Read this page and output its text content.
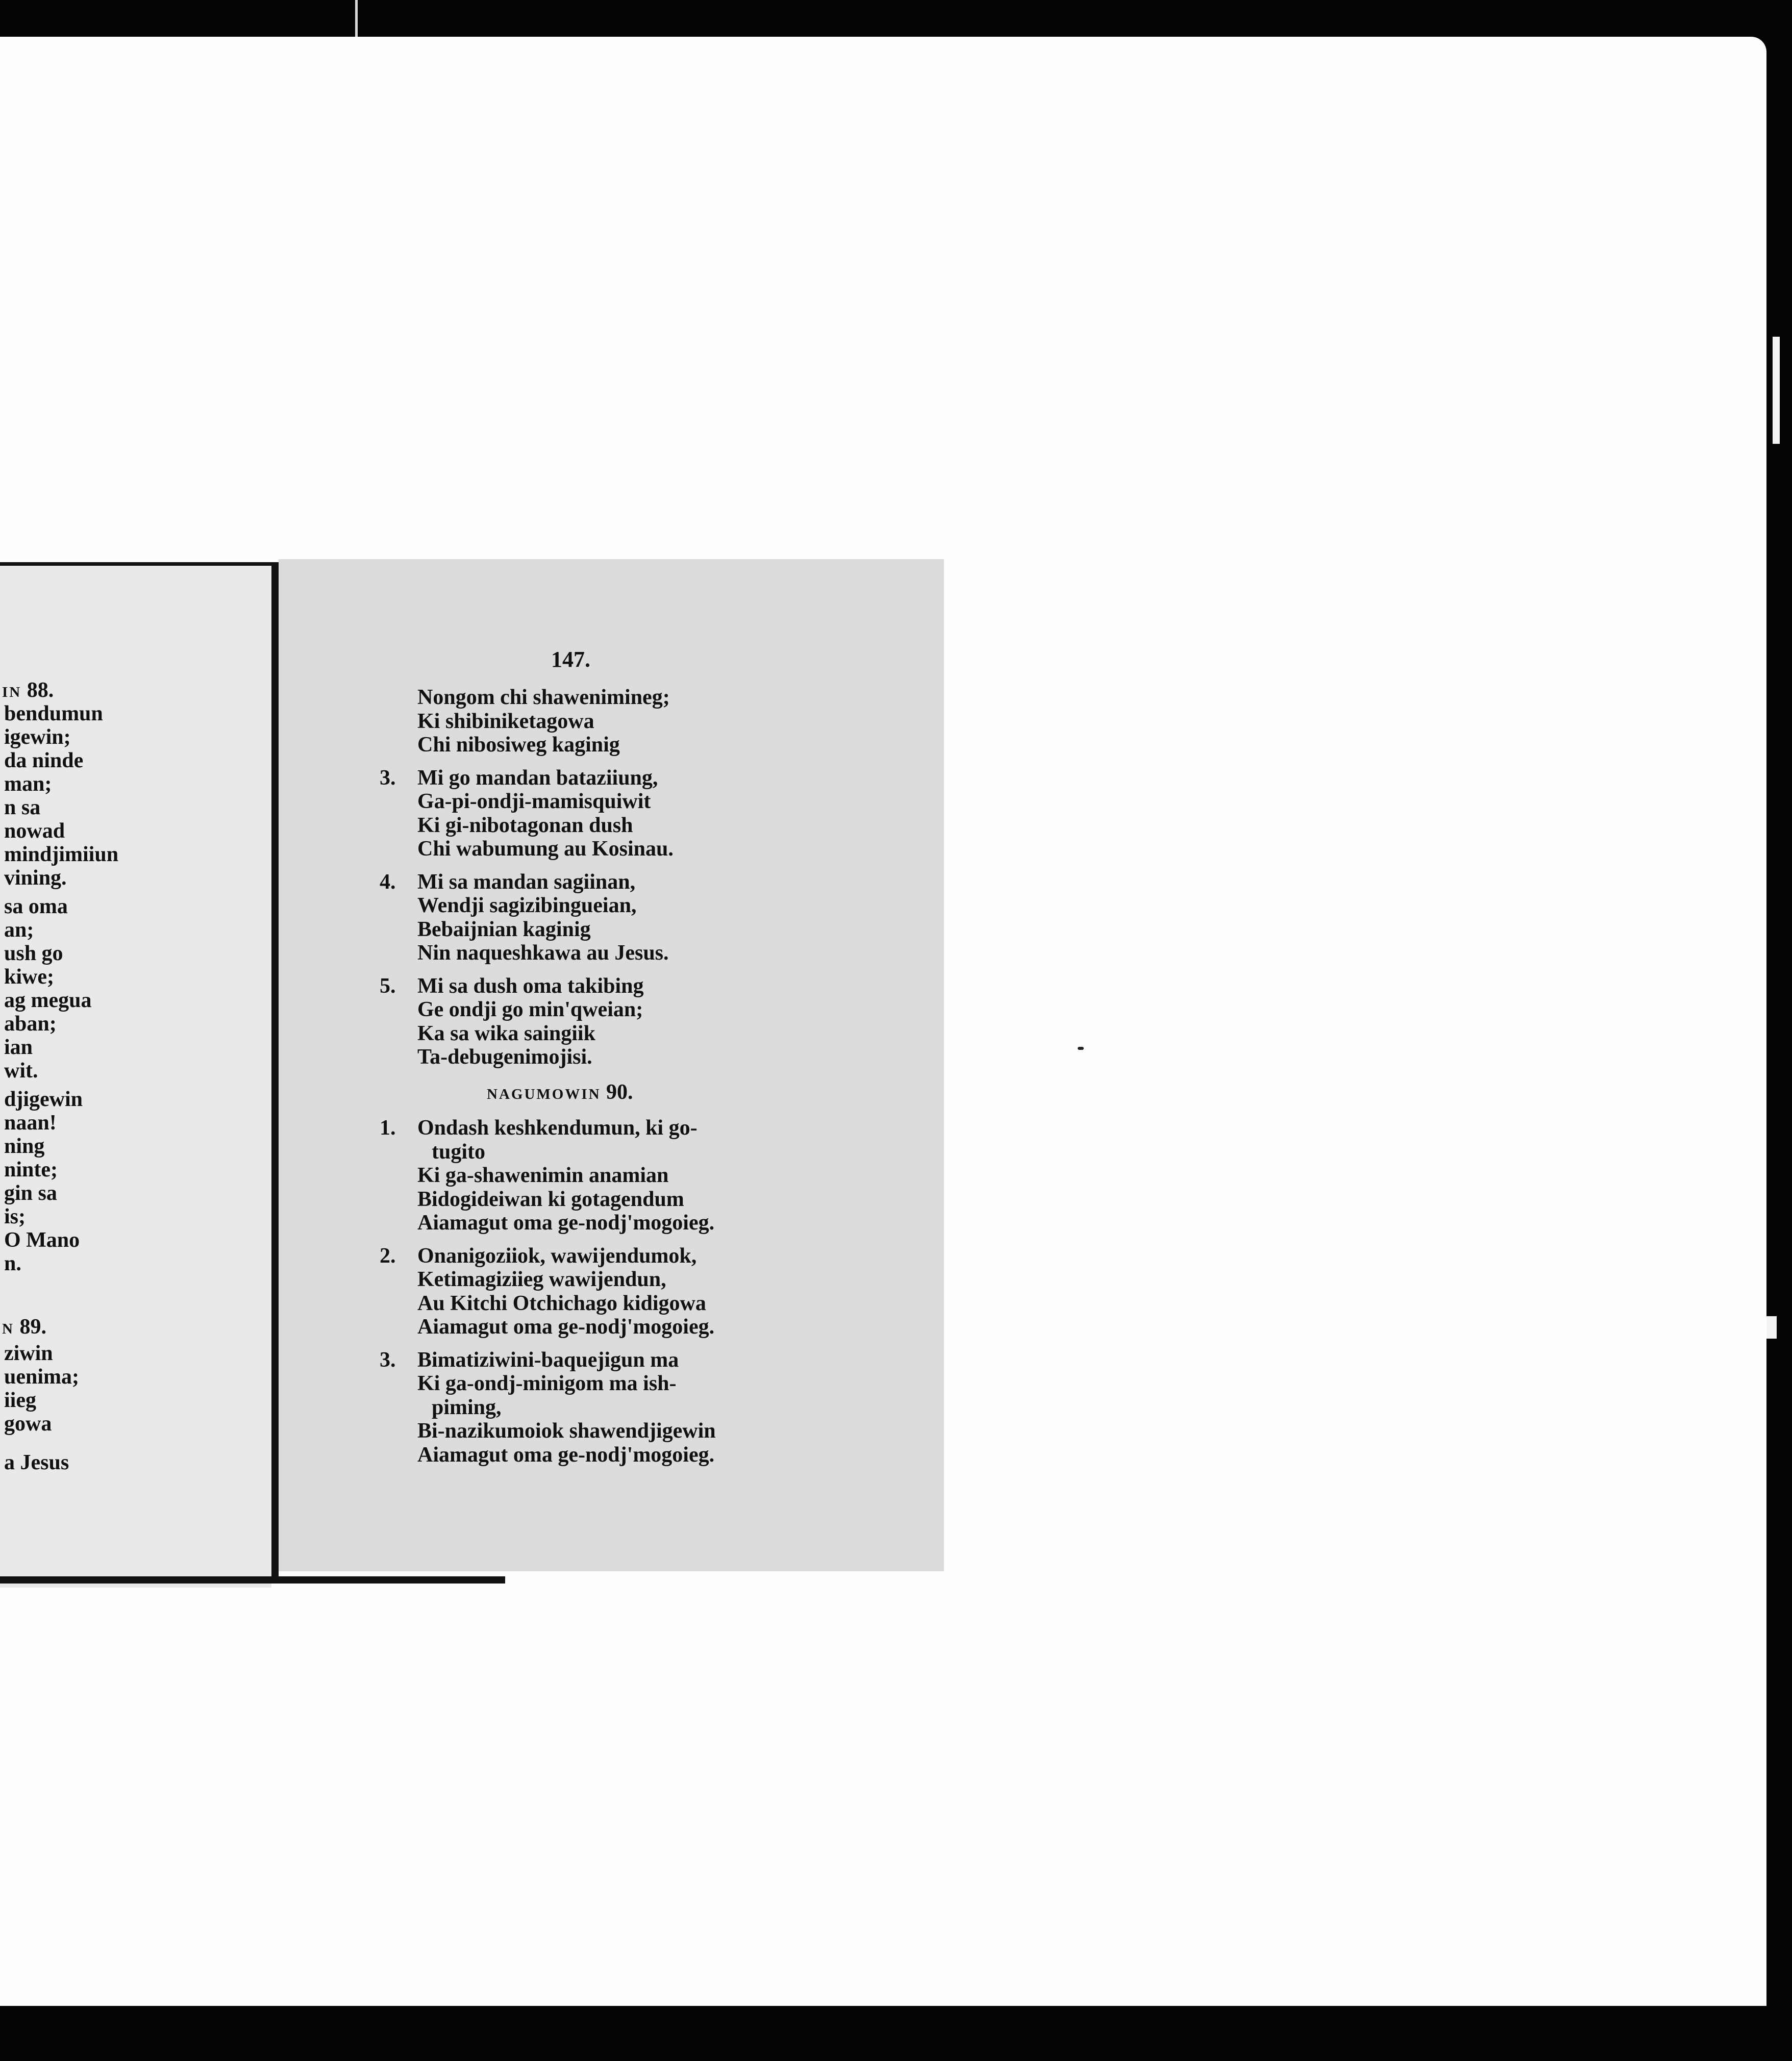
IN 88.
bendumun
igewin;
da ninde
man;
n sa
nowad
mindjimiiun
vining.
sa oma
an;
ush go
kiwe;
ag megua
aban;
ian
wit.
djigewin
naan!
ning
ninte;
gin sa
is;
O Mano
n.
N 89.
ziwin
uenima;
iieg
gowa
a Jesus
147.
Nongom chi shawenimineg;
Ki shibiniketagowa
Chi nibosiweg kaginig
3. Mi go mandan bataziiung,
Ga-pi-ondji-mamisquiwit
Ki gi-nibotagonan dush
Chi wabumung au Kosinau.
4. Mi sa mandan sagiinan,
Wendji sagizibingueian,
Bebaijnian kaginig
Nin naqueshkawa au Jesus.
5. Mi sa dush oma takibing
Ge ondji go min'qweian;
Ka sa wika saingiik
Ta-debugenimojisi.
1. Ondash keshkendumun, ki go-
tugito
Ki ga-shawenimin anamian
Bidogideiwan ki gotagendum
Aiamagut oma ge-nodj'mogoieg.
2. Onanigoziiok, wawijendumok,
Ketimagiziieg wawijendun,
Au Kitchi Otchichago kidigowa
Aiamagut oma ge-nodj'mogoieg.
3. Bimatiziwini-baquejigun ma
Ki ga-ondj-minigom ma ish-
piming,
Bi-nazikumoiok shawendjigewin
Aiamagut oma ge-nodj'mogoieg.
NAGUMOWIN 90.
